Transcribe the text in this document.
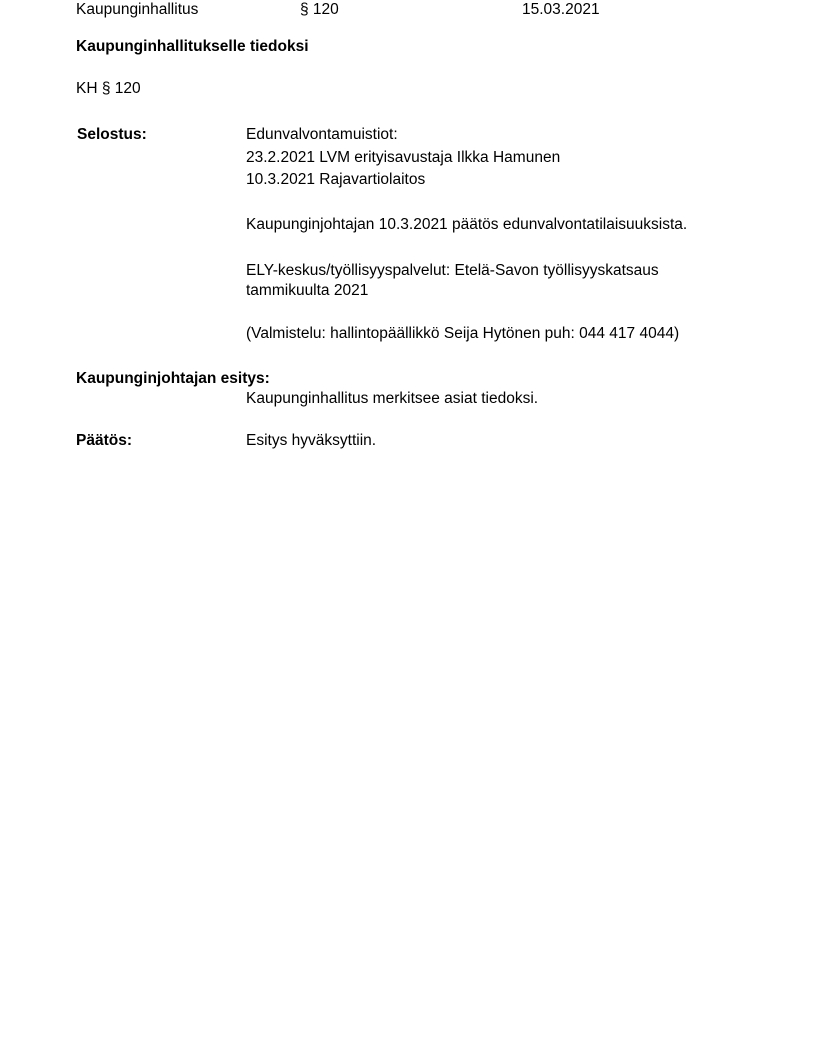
Kaupunginhallitus	§ 120	15.03.2021
Kaupunginhallitukselle tiedoksi
KH § 120
Selostus:	Edunvalvontamuistiot:
23.2.2021 LVM erityisavustaja Ilkka Hamunen
10.3.2021 Rajavartiolaitos
Kaupunginjohtajan 10.3.2021 päätös edunvalvontatilaisuuksista.
ELY-keskus/työllisyyspalvelut: Etelä-Savon työllisyyskatsaus
tammikuulta 2021
(Valmistelu: hallintopäällikkö Seija Hytönen puh: 044 417 4044)
Kaupunginjohtajan esitys:
Kaupunginhallitus merkitsee asiat tiedoksi.
Päätös:	Esitys hyväksyttiin.
